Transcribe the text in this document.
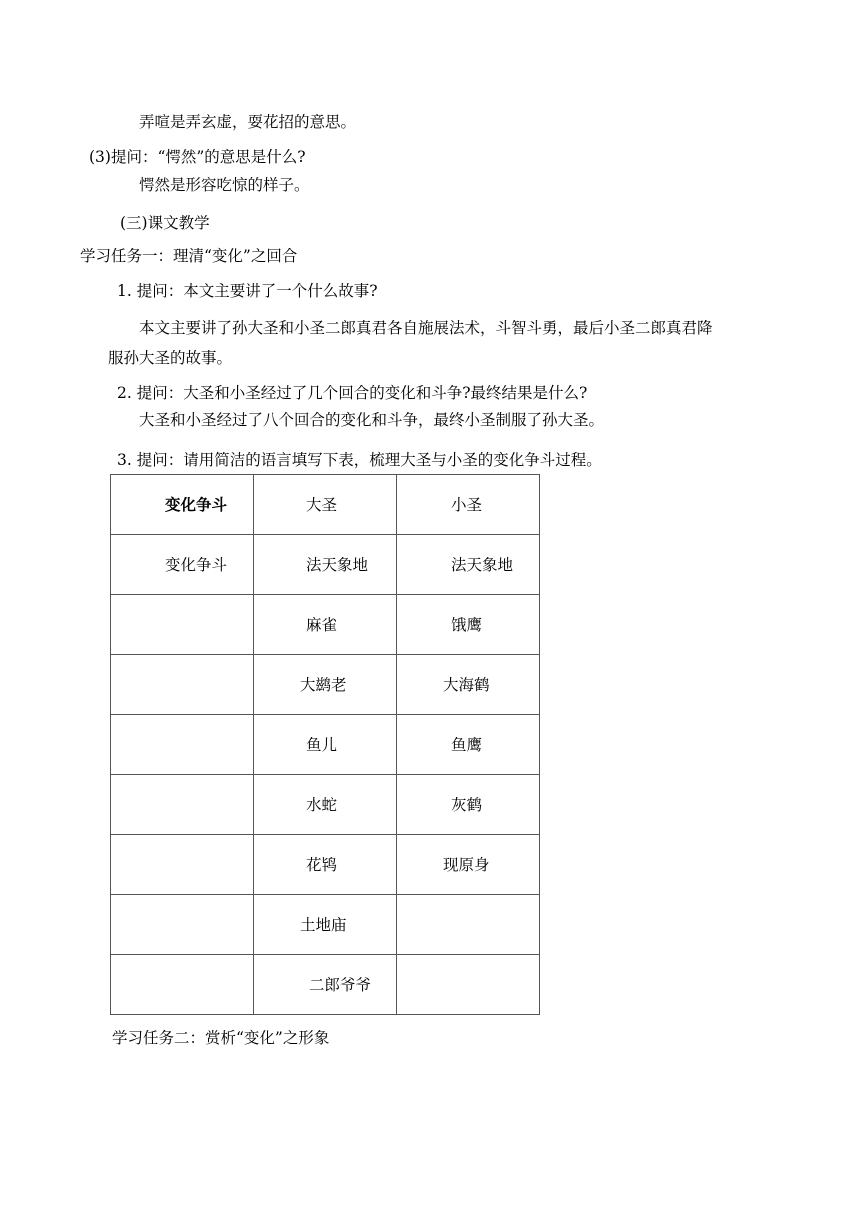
弄喧是弄玄虚，耍花招的意思。
(3)提问：“愕然”的意思是什么?
愕然是形容吃惊的样子。
(三)课文教学
学习任务一：理清“变化”之回合
1. 提问：本文主要讲了一个什么故事?
本文主要讲了孙大圣和小圣二郎真君各自施展法术，斗智斗勇，最后小圣二郎真君降
服孙大圣的故事。
2. 提问：大圣和小圣经过了几个回合的变化和斗争?最终结果是什么?
大圣和小圣经过了八个回合的变化和斗争，最终小圣制服了孙大圣。
3. 提问：请用简洁的语言填写下表，梳理大圣与小圣的变化争斗过程。
变化争斗	大圣	小圣
变化争斗	法天象地	法天象地
	麻雀	饿鹰
	大鹚老	大海鹤
	鱼儿	鱼鹰
	水蛇	灰鹤
	花鸨	现原身
	土地庙	
	二郎爷爷	
学习任务二：赏析“变化”之形象
